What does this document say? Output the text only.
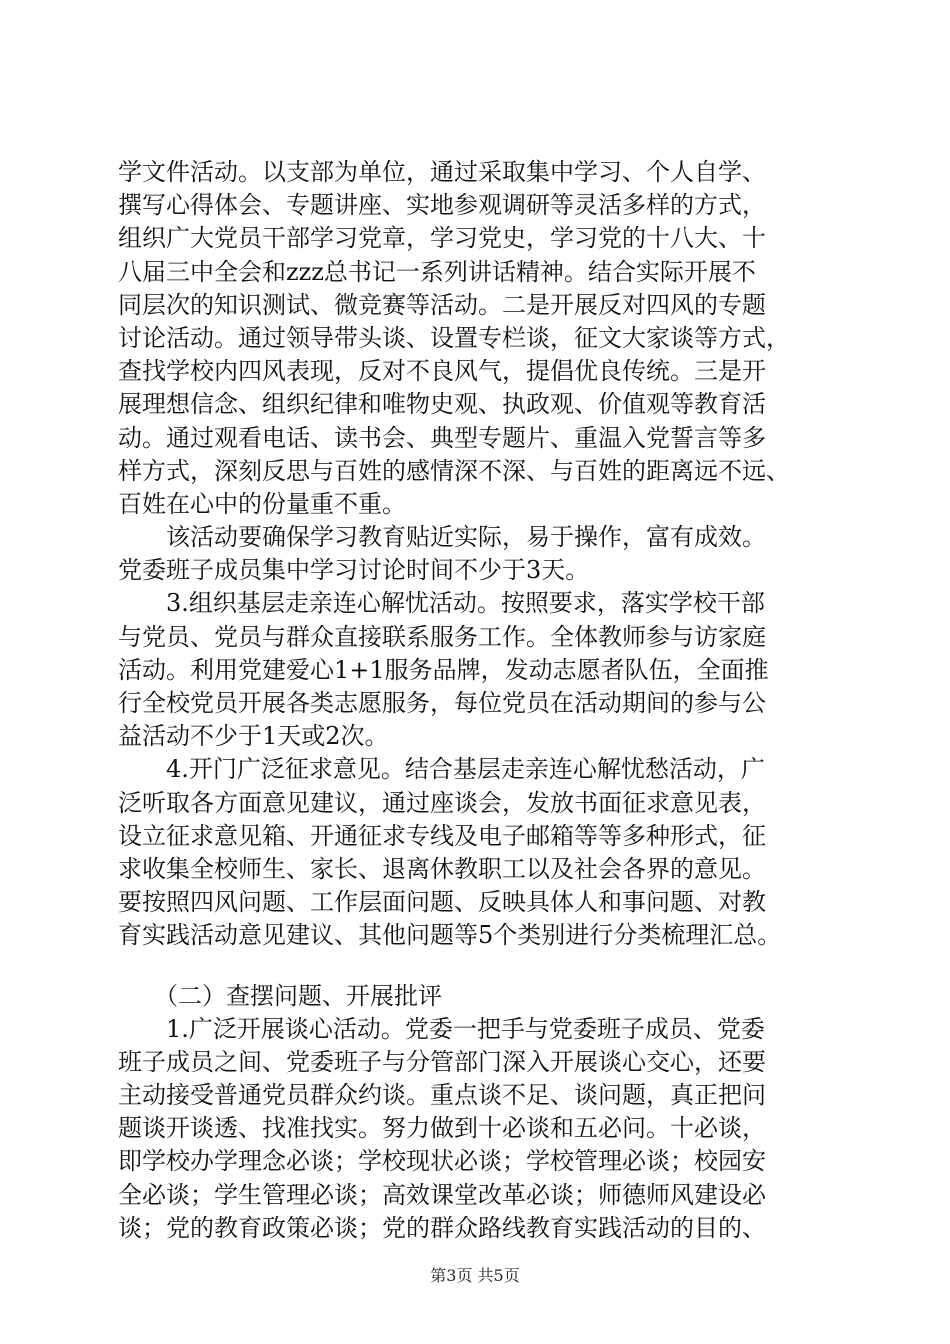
学文件活动。以支部为单位，通过采取集中学习、个人自学、
撰写心得体会、专题讲座、实地参观调研等灵活多样的方式，
组织广大党员干部学习党章，学习党史，学习党的十八大、十
八届三中全会和zzz总书记一系列讲话精神。结合实际开展不
同层次的知识测试、微竞赛等活动。二是开展反对四风的专题
讨论活动。通过领导带头谈、设置专栏谈，征文大家谈等方式，
查找学校内四风表现，反对不良风气，提倡优良传统。三是开
展理想信念、组织纪律和唯物史观、执政观、价值观等教育活
动。通过观看电话、读书会、典型专题片、重温入党誓言等多
样方式，深刻反思与百姓的感情深不深、与百姓的距离远不远、
百姓在心中的份量重不重。
　　该活动要确保学习教育贴近实际，易于操作，富有成效。
党委班子成员集中学习讨论时间不少于3天。
　　3.组织基层走亲连心解忧活动。按照要求，落实学校干部
与党员、党员与群众直接联系服务工作。全体教师参与访家庭
活动。利用党建爱心1+1服务品牌，发动志愿者队伍，全面推
行全校党员开展各类志愿服务，每位党员在活动期间的参与公
益活动不少于1天或2次。
　　4.开门广泛征求意见。结合基层走亲连心解忧愁活动，广
泛听取各方面意见建议，通过座谈会，发放书面征求意见表，
设立征求意见箱、开通征求专线及电子邮箱等等多种形式，征
求收集全校师生、家长、退离休教职工以及社会各界的意见。
要按照四风问题、工作层面问题、反映具体人和事问题、对教
育实践活动意见建议、其他问题等5个类别进行分类梳理汇总。
　　（二）查摆问题、开展批评
　　1.广泛开展谈心活动。党委一把手与党委班子成员、党委
班子成员之间、党委班子与分管部门深入开展谈心交心，还要
主动接受普通党员群众约谈。重点谈不足、谈问题，真正把问
题谈开谈透、找准找实。努力做到十必谈和五必问。十必谈，
即学校办学理念必谈；学校现状必谈；学校管理必谈；校园安
全必谈；学生管理必谈；高效课堂改革必谈；师德师风建设必
谈；党的教育政策必谈；党的群众路线教育实践活动的目的、
第3页 共5页
